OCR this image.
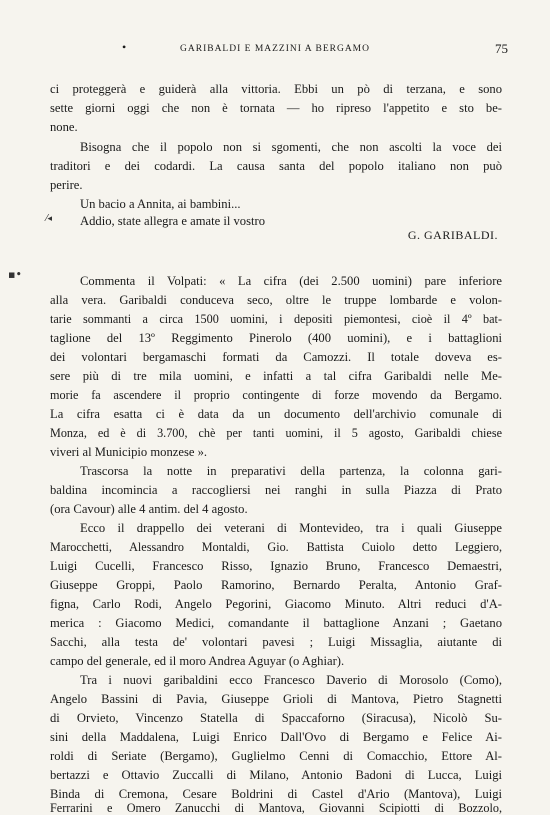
•	GARIBALDI E MAZZINI A BERGAMO	75
ci proteggerà e guiderà alla vittoria. Ebbi un pò di terzana, e sono
sette giorni oggi che non è tornata — ho ripreso l'appetito e sto be-
none.
Bisogna che il popolo non si sgomenti, che non ascolti la voce dei
traditori e dei codardi. La causa santa del popolo italiano non può
perire.
Un bacio a Annita, ai bambini...
Addio, state allegra e amate il vostro
⁄◂
G. GARIBALDI.
▪•	Commenta il Volpati: « La cifra (dei 2.500 uomini) pare inferiore
alla vera. Garibaldi conduceva seco, oltre le truppe lombarde e volon-
tarie sommanti a circa 1500 uomini, i depositi piemontesi, cioè il 4º bat-
taglione del 13º Reggimento Pinerolo (400 uomini), e i battaglioni
dei volontari bergamaschi formati da Camozzi. Il totale doveva es-
sere più di tre mila uomini, e infatti a tal cifra Garibaldi nelle Me-
morie fa ascendere il proprio contingente di forze movendo da Bergamo.
La cifra esatta ci è data da un documento dell'archivio comunale di
Monza, ed è di 3.700, chè per tanti uomini, il 5 agosto, Garibaldi chiese
viveri al Municipio monzese ».
Trascorsa la notte in preparativi della partenza, la colonna gari-
baldina incomincia a raccogliersi nei ranghi in sulla Piazza di Prato
(ora Cavour) alle 4 antim. del 4 agosto.
Ecco il drappello dei veterani di Montevideo, tra i quali Giuseppe
Marocchetti, Alessandro Montaldi, Gio. Battista Cuiolo detto Leggiero,
Luigi Cucelli, Francesco Risso, Ignazio Bruno, Francesco Demaestri,
Giuseppe Groppi, Paolo Ramorino, Bernardo Peralta, Antonio Graf-
figna, Carlo Rodi, Angelo Pegorini, Giacomo Minuto. Altri reduci d'A-
merica : Giacomo Medici, comandante il battaglione Anzani ; Gaetano
Sacchi, alla testa de' volontari pavesi ; Luigi Missaglia, aiutante di
campo del generale, ed il moro Andrea Aguyar (o Aghiar).
Tra i nuovi garibaldini ecco Francesco Daverio di Morosolo (Como),
Angelo Bassini di Pavia, Giuseppe Grioli di Mantova, Pietro Stagnetti
di Orvieto, Vincenzo Statella di Spaccaforno (Siracusa), Nicolò Su-
sini della Maddalena, Luigi Enrico Dall'Ovo di Bergamo e Felice Ai-
roldi di Seriate (Bergamo), Guglielmo Cenni di Comacchio, Ettore Al-
bertazzi e Ottavio Zuccalli di Milano, Antonio Badoni di Lucca, Luigi
Binda di Cremona, Cesare Boldrini di Castel d'Ario (Mantova), Luigi
Ferrarini e Omero Zanucchi di Mantova, Giovanni Scipiotti di Bozzolo,
